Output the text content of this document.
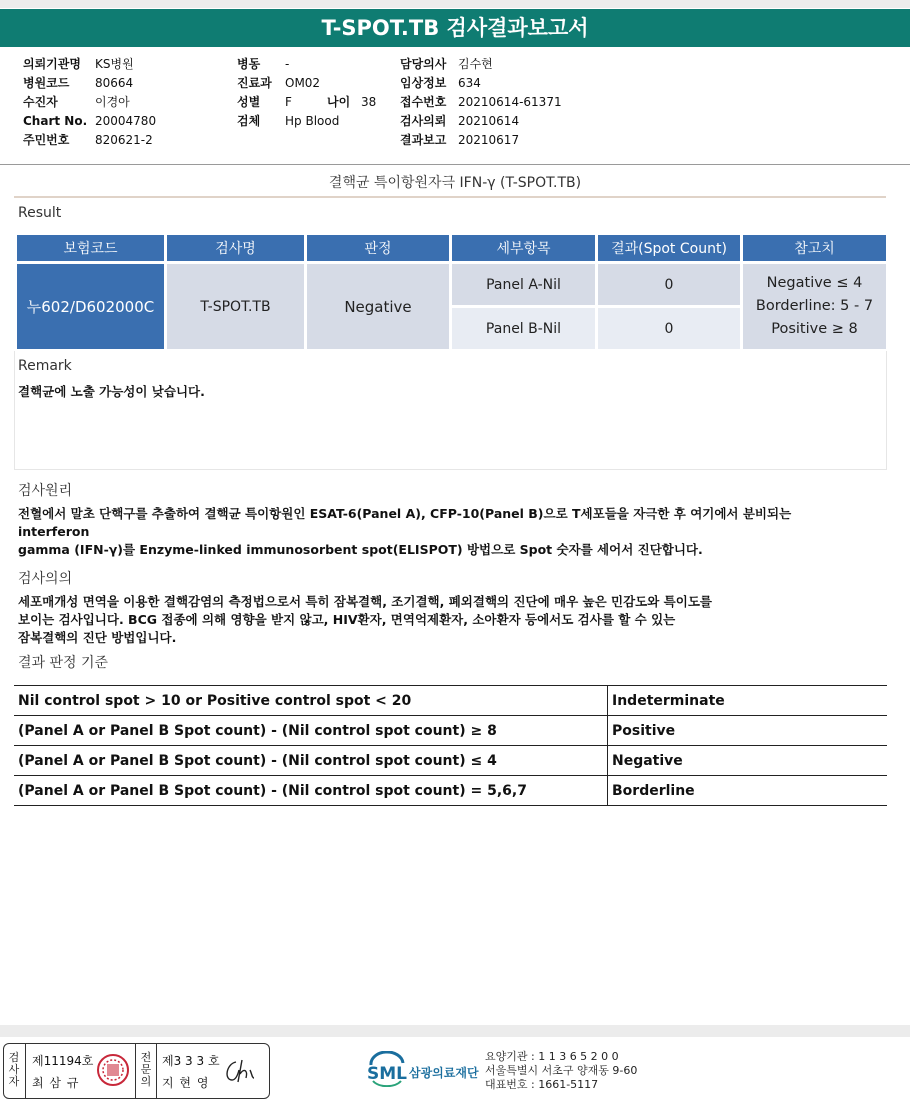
T-SPOT.TB 검사결과보고서
의뢰기관명 KS병원
병원코드 80664
수진자	이경아
Chart No. 20004780
주민번호 820621-2
병동 -
진료과 OM02
성별 F	나이 38
검체 Hp Blood
담당의사 김수현
임상정보 634
접수번호 20210614-61371
검사의뢰 20210614
결과보고 20210617
결핵균 특이항원자극 IFN-γ (T-SPOT.TB)
Result
보험코드	검사명	판정	세부항목	결과(Spot Count)	참고치
누602/D602000C	T-SPOT.TB	Negative	Panel A-Nil	0	Negative ≤ 4
Borderline: 5 - 7
Positive ≥ 8

			Panel B-Nil	0	
Remark
결핵균에 노출 가능성이 낮습니다.
검사원리
전혈에서 말초 단핵구를 추출하여 결핵균 특이항원인 ESAT-6(Panel A), CFP-10(Panel B)으로 T세포들을 자극한 후 여기에서 분비되는
interferon
gamma (IFN-γ)를 Enzyme-linked immunosorbent spot(ELISPOT) 방법으로 Spot 숫자를 세어서 진단합니다.
검사의의
세포매개성 면역을 이용한 결핵감염의 측정법으로서 특히 잠복결핵, 조기결핵, 폐외결핵의 진단에 매우 높은 민감도와 특이도를
보이는 검사입니다. BCG 접종에 의해 영향을 받지 않고, HIV환자, 면역억제환자, 소아환자 등에서도 검사를 할 수 있는
잠복결핵의 진단 방법입니다.
결과 판정 기준
Nil control spot > 10 or Positive control spot < 20	Indeterminate
(Panel A or Panel B Spot count) - (Nil control spot count) ≥ 8	Positive
(Panel A or Panel B Spot count) - (Nil control spot count) ≤ 4	Negative
(Panel A or Panel B Spot count) - (Nil control spot count) = 5,6,7	Borderline
검
사
자
제11194호
최 삼 규
전
문
의
제3 3 3 호
지 현 영	SML 삼광의료재단
요양기관 : 1 1 3 6 5 2 0 0
서울특별시 서초구 양재동 9-60
대표번호 : 1661-5117
